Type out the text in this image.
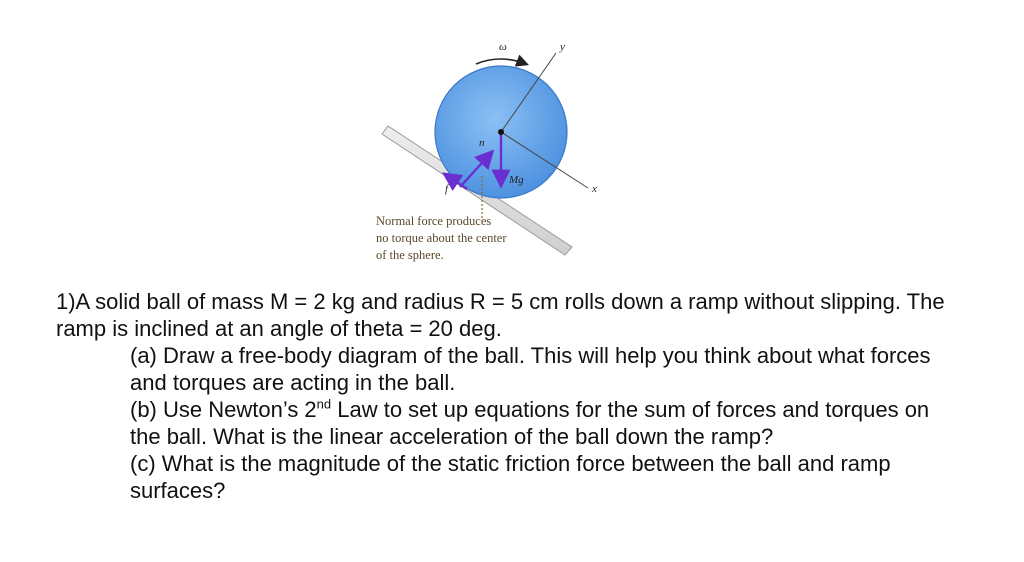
ω	y
x
n
Mg
f
Normal force produces
no torque about the center
of the sphere.

1)A solid ball of mass M = 2 kg and radius R = 5 cm rolls down a ramp without slipping. The ramp is inclined at an angle of theta = 20 deg.

(a) Draw a free-body diagram of the ball. This will help you think about what forces and torques are acting in the ball.

(b) Use Newton’s 2nd Law to set up equations for the sum of forces and torques on the ball. What is the linear acceleration of the ball down the ramp?

(c) What is the magnitude of the static friction force between the ball and ramp surfaces?
